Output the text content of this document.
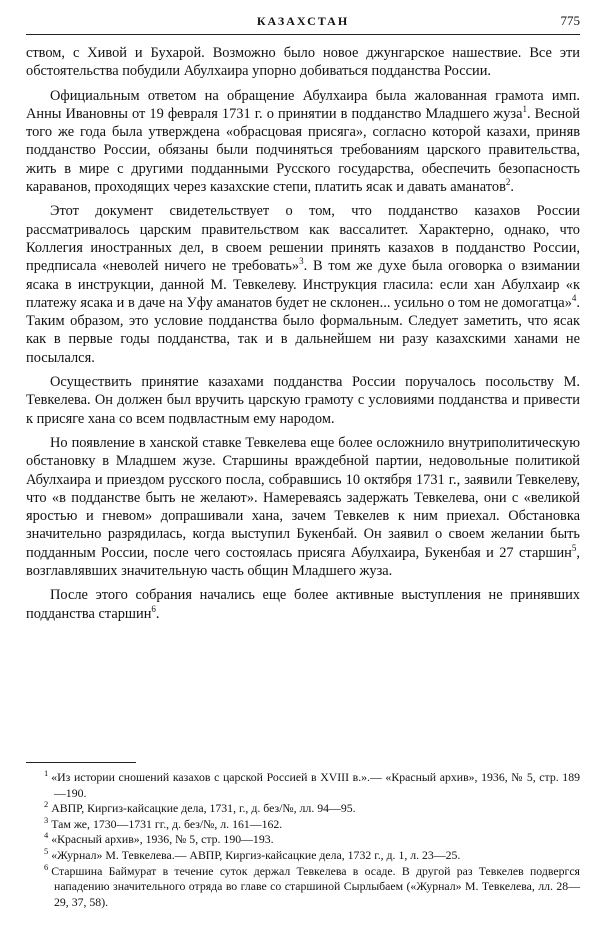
КАЗАХСТАН	775

ством, с Хивой и Бухарой. Возможно было новое джунгарское нашествие. Все эти обстоятельства побудили Абулхаира упорно добиваться подданства России.

Официальным ответом на обращение Абулхаира была жалованная грамота имп. Анны Ивановны от 19 февраля 1731 г. о принятии в подданство Младшего жуза$^1$. Весной того же года была утверждена «обрасцовая присяга», согласно которой казахи, приняв подданство России, обязаны были подчиняться требованиям царского правительства, жить в мире с другими подданными Русского государства, обеспечить безопасность караванов, проходящих через казахские степи, платить ясак и давать аманатов$^2$.

Этот документ свидетельствует о том, что подданство казахов России рассматривалось царским правительством как вассалитет. Характерно, однако, что Коллегия иностранных дел, в своем решении принять казахов в подданство России, предписала «неволей ничего не требовать»$^3$. В том же духе была оговорка о взимании ясака в инструкции, данной М. Тевкелеву. Инструкция гласила: если хан Абулхаир «к платежу ясака и в даче на Уфу аманатов будет не склонен... усильно о том не домогатца»$^4$. Таким образом, это условие подданства было формальным. Следует заметить, что ясак как в первые годы подданства, так и в дальнейшем ни разу казахскими ханами не посылался.

Осуществить принятие казахами подданства России поручалось посольству М. Тевкелева. Он должен был вручить царскую грамоту с условиями подданства и привести к присяге хана со всем подвластным ему народом.

Но появление в ханской ставке Тевкелева еще более осложнило внутриполитическую обстановку в Младшем жузе. Старшины враждебной партии, недовольные политикой Абулхаира и приездом русского посла, собравшись 10 октября 1731 г., заявили Тевкелеву, что «в подданстве быть не желают». Намереваясь задержать Тевкелева, они с «великой яростью и гневом» допрашивали хана, зачем Тевкелев к ним приехал. Обстановка значительно разрядилась, когда выступил Букенбай. Он заявил о своем желании быть подданным России, после чего состоялась присяга Абулхаира, Букенбая и 27 старшин$^5$, возглавлявших значительную часть общин Младшего жуза.

После этого собрания начались еще более активные выступления не принявших подданства старшин$^6$.

$^1$ «Из истории сношений казахов с царской Россией в XVIII в.».— «Красный архив», 1936, № 5, стр. 189—190.
$^2$ АВПР, Киргиз-кайсацкие дела, 1731, г., д. без/№, лл. 94—95.
$^3$ Там же, 1730—1731 гг., д. без/№, л. 161—162.
$^4$ «Красный архив», 1936, № 5, стр. 190—193.
$^5$ «Журнал» М. Тевкелева.— АВПР, Киргиз-кайсацкие дела, 1732 г., д. 1, л. 23—25.
$^6$ Старшина Баймурат в течение суток держал Тевкелева в осаде. В другой раз Тевкелев подвергся нападению значительного отряда во главе со старшиной Сырлыбаем («Журнал» М. Тевкелева, лл. 28—29, 37, 58).
